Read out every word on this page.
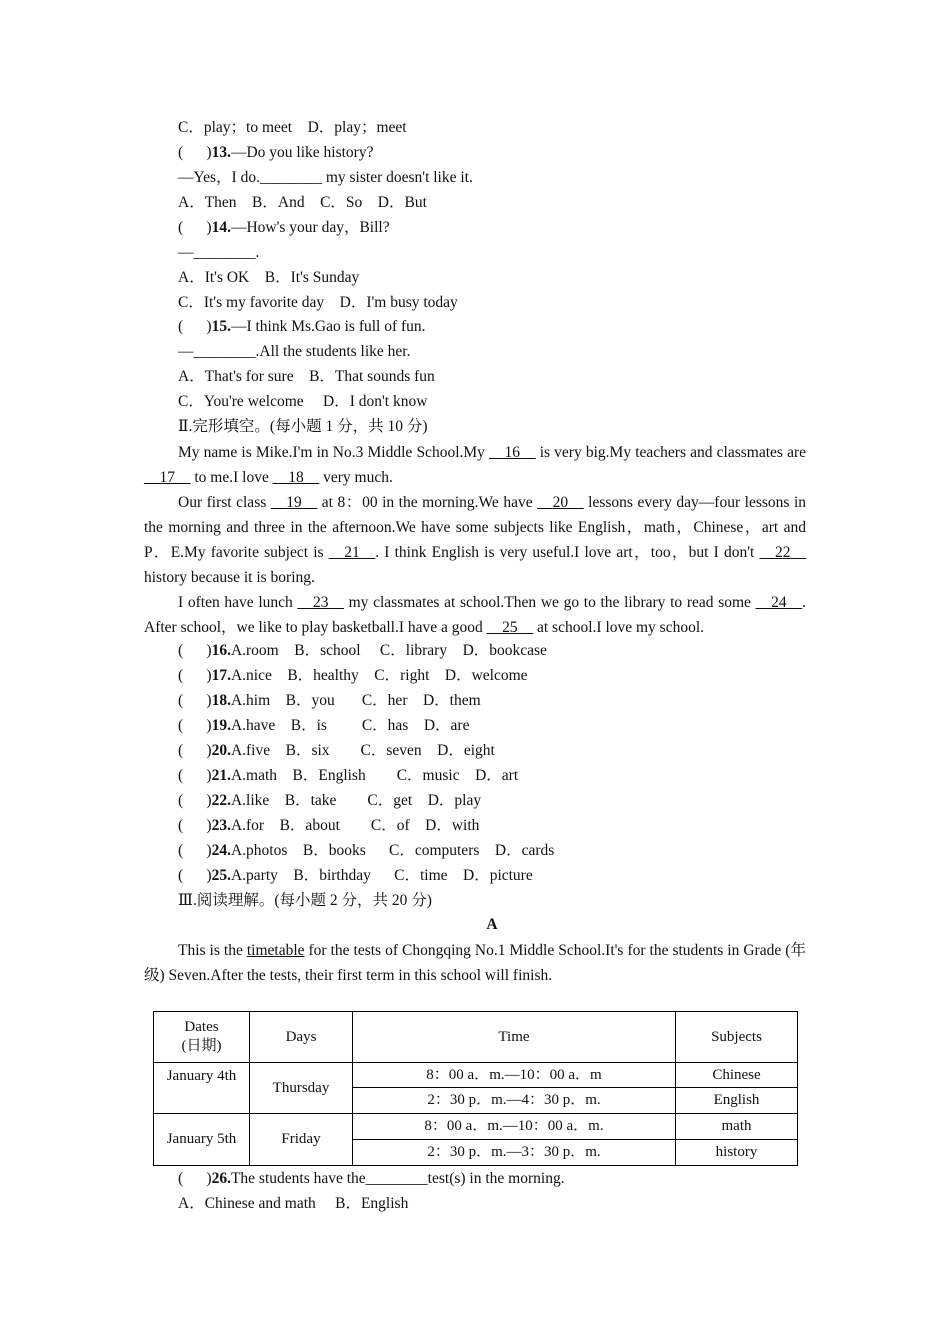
C．play；to meet    D．play；meet
(      )13.—Do you like history?
—Yes，I do.________ my sister doesn't like it.
A．Then    B．And    C．So    D．But
(      )14.—How's your day，Bill?
—________.
A．It's OK    B．It's Sunday
C．It's my favorite day    D．I'm busy today
(      )15.—I think Ms.Gao is full of fun.
—________.All the students like her.
A．That's for sure    B．That sounds fun
C．You're welcome     D．I don't know
Ⅱ.完形填空。(每小题 1 分，共 10 分)

My name is Mike.I'm in No.3 Middle School.My __16__ is very big.My teachers and classmates are __17__ to me.I love __18__ very much.

Our first class __19__ at 8：00 in the morning.We have __20__ lessons every day—four lessons in the morning and three in the afternoon.We have some subjects like English，math，Chinese，art and P．E.My favorite subject is __21__. I think English is very useful.I love art，too，but I don't __22__ history because it is boring.

I often have lunch __23__ my classmates at school.Then we go to the library to read some __24__. After school，we like to play basketball.I have a good __25__ at school.I love my school.

(      )16.A.room    B．school     C．library    D．bookcase
(      )17.A.nice    B．healthy    C．right    D．welcome
(      )18.A.him    B．you       C．her    D．them
(      )19.A.have    B．is         C．has    D．are
(      )20.A.five    B．six        C．seven    D．eight
(      )21.A.math    B．English        C．music    D．art
(      )22.A.like    B．take        C．get    D．play
(      )23.A.for    B．about        C．of    D．with
(      )24.A.photos    B．books      C．computers    D．cards
(      )25.A.party    B．birthday      C．time    D．picture
Ⅲ.阅读理解。(每小题 2 分，共 20 分)
A

This is the timetable for the tests of Chongqing No.1 Middle School.It's for the students in Grade (年级) Seven.After the tests, their first term in this school will finish.

Dates
(日期)	Days	Time	Subjects
January 4th	Thursday	8：00 a．m.—10：00 a．m	Chinese
		2：30 p．m.—4：30 p．m.	English
January 5th	Friday	8：00 a．m.—10：00 a．m.	math
		2：30 p．m.—3：30 p．m.	history
(      )26.The students have the________test(s) in the morning.
A．Chinese and math     B．English
